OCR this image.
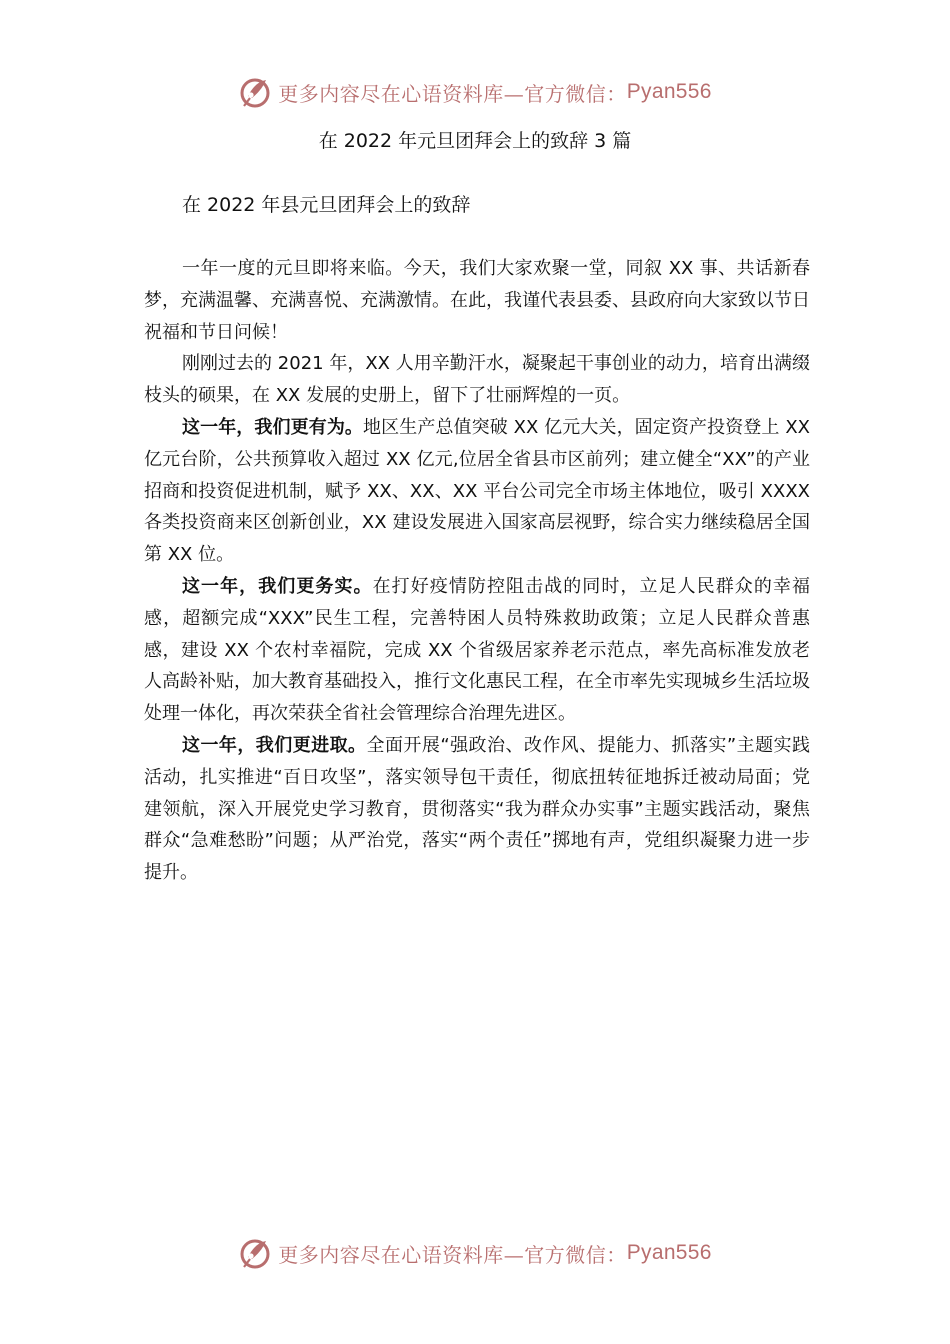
更多内容尽在心语资料库—官方微信： Pyan556
在 2022 年元旦团拜会上的致辞 3 篇
在 2022 年县元旦团拜会上的致辞

一年一度的元旦即将来临。今天，我们大家欢聚一堂，同叙 XX 事、共话新春梦，充满温馨、充满喜悦、充满激情。在此，我谨代表县委、县政府向大家致以节日祝福和节日问候！

刚刚过去的 2021 年，XX 人用辛勤汗水，凝聚起干事创业的动力，培育出满缀枝头的硕果，在 XX 发展的史册上，留下了壮丽辉煌的一页。

这一年，我们更有为。地区生产总值突破 XX 亿元大关，固定资产投资登上 XX 亿元台阶，公共预算收入超过 XX 亿元,位居全省县市区前列；建立健全“XX”的产业招商和投资促进机制，赋予 XX、XX、XX 平台公司完全市场主体地位，吸引 XXXX 各类投资商来区创新创业，XX 建设发展进入国家高层视野，综合实力继续稳居全国第 XX 位。

这一年，我们更务实。在打好疫情防控阻击战的同时，立足人民群众的幸福感，超额完成“XXX”民生工程，完善特困人员特殊救助政策；立足人民群众普惠感，建设 XX 个农村幸福院，完成 XX 个省级居家养老示范点，率先高标准发放老人高龄补贴，加大教育基础投入，推行文化惠民工程，在全市率先实现城乡生活垃圾处理一体化，再次荣获全省社会管理综合治理先进区。

这一年，我们更进取。全面开展“强政治、改作风、提能力、抓落实”主题实践活动，扎实推进“百日攻坚”，落实领导包干责任，彻底扭转征地拆迁被动局面；党建领航，深入开展党史学习教育，贯彻落实“我为群众办实事”主题实践活动，聚焦群众“急难愁盼”问题；从严治党，落实“两个责任”掷地有声，党组织凝聚力进一步提升。

更多内容尽在心语资料库—官方微信： Pyan556
